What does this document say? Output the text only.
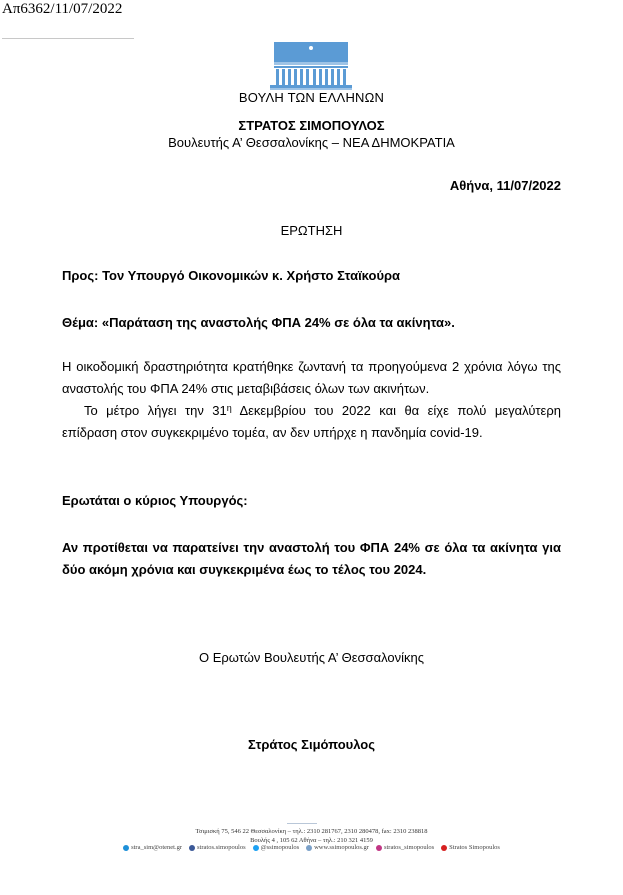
Απ6362/11/07/2022
ΒΟΥΛΗ ΤΩΝ ΕΛΛΗΝΩΝ
ΣΤΡΑΤΟΣ ΣΙΜΟΠΟΥΛΟΣ
Βουλευτής Α’ Θεσσαλονίκης – ΝΕΑ ΔΗΜΟΚΡΑΤΙΑ
Αθήνα, 11/07/2022
ΕΡΩΤΗΣΗ
Προς: Τον Υπουργό Οικονομικών κ. Χρήστο Σταϊκούρα
Θέμα: «Παράταση της αναστολής ΦΠΑ 24% σε όλα τα ακίνητα».
Η οικοδομική δραστηριότητα κρατήθηκε ζωντανή τα προηγούμενα 2 χρόνια λόγω της αναστολής του ΦΠΑ 24% στις μεταβιβάσεις όλων των ακινήτων.
Το μέτρο λήγει την $31^\eta$ Δεκεμβρίου του 2022 και θα είχε πολύ μεγαλύτερη επίδραση στον συγκεκριμένο τομέα, αν δεν υπήρχε η πανδημία covid-19.
Ερωτάται ο κύριος Υπουργός:
Αν προτίθεται να παρατείνει την αναστολή του ΦΠΑ 24% σε όλα τα ακίνητα για δύο ακόμη χρόνια και συγκεκριμένα έως το τέλος του 2024.
Ο Ερωτών Βουλευτής Α’ Θεσσαλονίκης
Στράτος Σιμόπουλος
Τσιμισκή 75, 546 22 Θεσσαλονίκη – τηλ.: 2310 281767, 2310 280478, fax: 2310 238818
Βουλής 4 , 105 62 Αθήνα – τηλ.: 210 321 4159
stra_sim@otenet.gr stratos.simopoulos @ssimopoulos www.ssimopoulos.gr stratos_simopoulos Stratos Simopoulos
